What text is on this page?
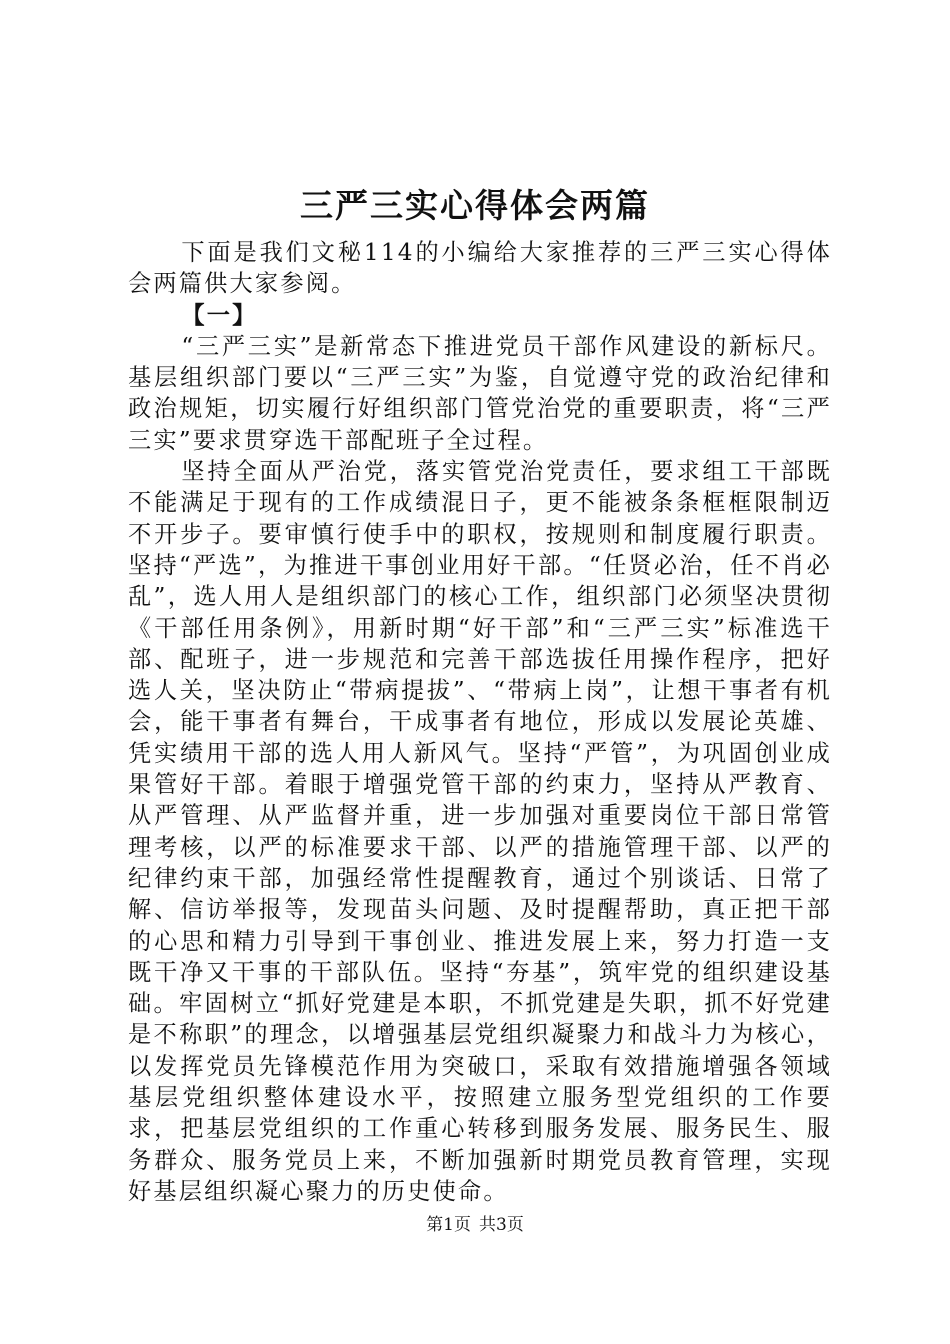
三严三实心得体会两篇

下面是我们文秘114的小编给大家推荐的三严三实心得体会两篇供大家参阅。

【一】

“三严三实”是新常态下推进党员干部作风建设的新标尺。基层组织部门要以“三严三实”为鉴，自觉遵守党的政治纪律和政治规矩，切实履行好组织部门管党治党的重要职责，将“三严三实”要求贯穿选干部配班子全过程。

坚持全面从严治党，落实管党治党责任，要求组工干部既不能满足于现有的工作成绩混日子，更不能被条条框框限制迈不开步子。要审慎行使手中的职权，按规则和制度履行职责。坚持“严选”，为推进干事创业用好干部。“任贤必治，任不肖必乱”，选人用人是组织部门的核心工作，组织部门必须坚决贯彻《干部任用条例》，用新时期“好干部”和“三严三实”标准选干部、配班子，进一步规范和完善干部选拔任用操作程序，把好选人关，坚决防止“带病提拔”、“带病上岗”，让想干事者有机会，能干事者有舞台，干成事者有地位，形成以发展论英雄、凭实绩用干部的选人用人新风气。坚持“严管”，为巩固创业成果管好干部。着眼于增强党管干部的约束力，坚持从严教育、从严管理、从严监督并重，进一步加强对重要岗位干部日常管理考核，以严的标准要求干部、以严的措施管理干部、以严的纪律约束干部，加强经常性提醒教育，通过个别谈话、日常了解、信访举报等，发现苗头问题、及时提醒帮助，真正把干部的心思和精力引导到干事创业、推进发展上来，努力打造一支既干净又干事的干部队伍。坚持“夯基”，筑牢党的组织建设基础。牢固树立“抓好党建是本职，不抓党建是失职，抓不好党建是不称职”的理念，以增强基层党组织凝聚力和战斗力为核心，以发挥党员先锋模范作用为突破口，采取有效措施增强各领域基层党组织整体建设水平，按照建立服务型党组织的工作要求，把基层党组织的工作重心转移到服务发展、服务民生、服务群众、服务党员上来，不断加强新时期党员教育管理，实现好基层组织凝心聚力的历史使命。

第1页 共3页
